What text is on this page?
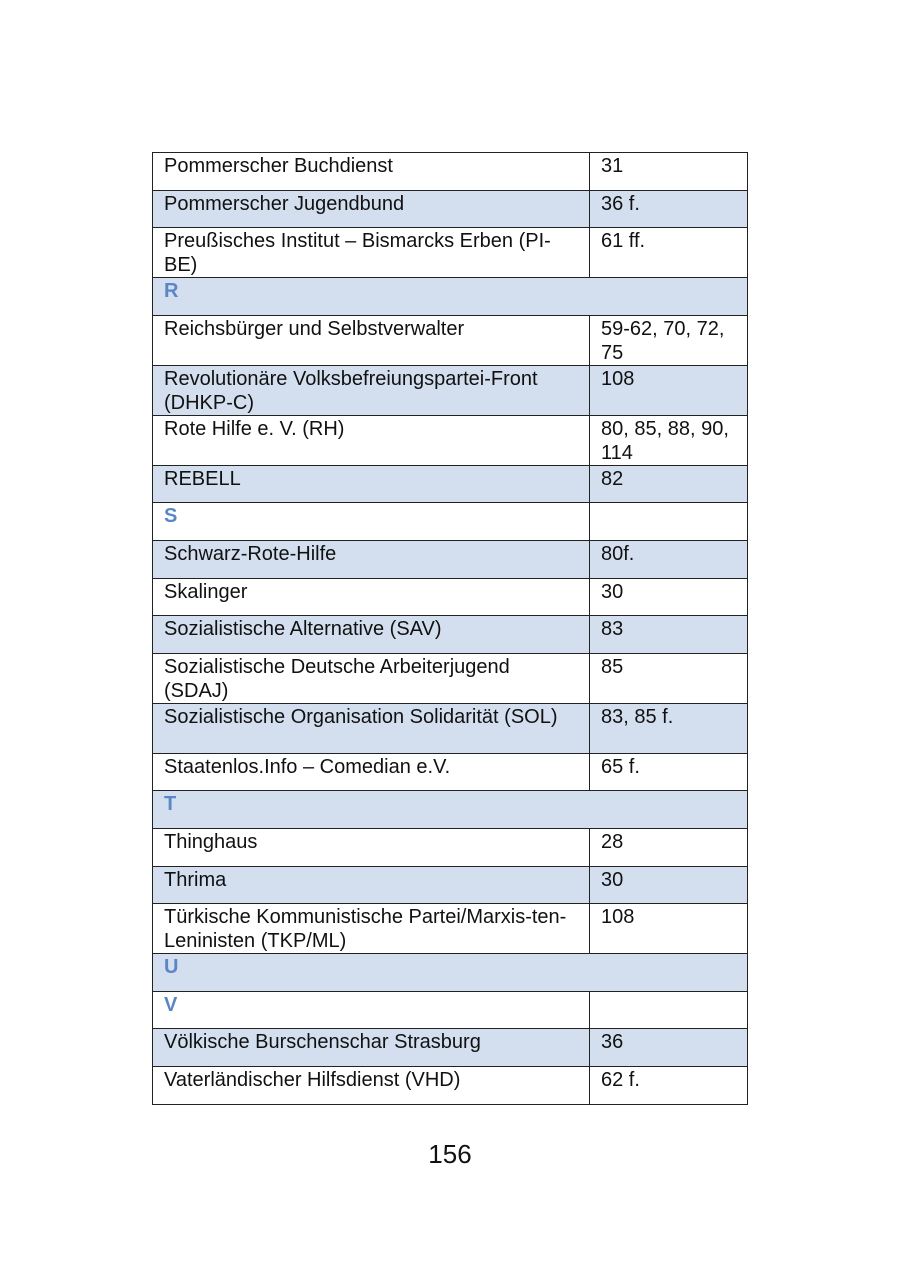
Pommerscher Buchdienst	31
Pommerscher Jugendbund	36 f.
Preußisches Institut – Bismarcks Erben (PI-BE)	61 ff.
R	
Reichsbürger und Selbstverwalter	59-62, 70, 72, 75
Revolutionäre Volksbefreiungspartei-Front (DHKP-C)	108
Rote Hilfe e. V. (RH)	80, 85, 88, 90, 114
REBELL	82
S	
Schwarz-Rote-Hilfe	80f.
Skalinger	30
Sozialistische Alternative (SAV)	83
Sozialistische Deutsche Arbeiterjugend (SDAJ)	85
Sozialistische Organisation Solidarität (SOL)	83, 85 f.
Staatenlos.Info – Comedian e.V.	65 f.
T	
Thinghaus	28
Thrima	30
Türkische Kommunistische Partei/Marxis-ten-Leninisten (TKP/ML)	108
U	
V	
Völkische Burschenschar Strasburg	36
Vaterländischer Hilfsdienst (VHD)	62 f.
156
